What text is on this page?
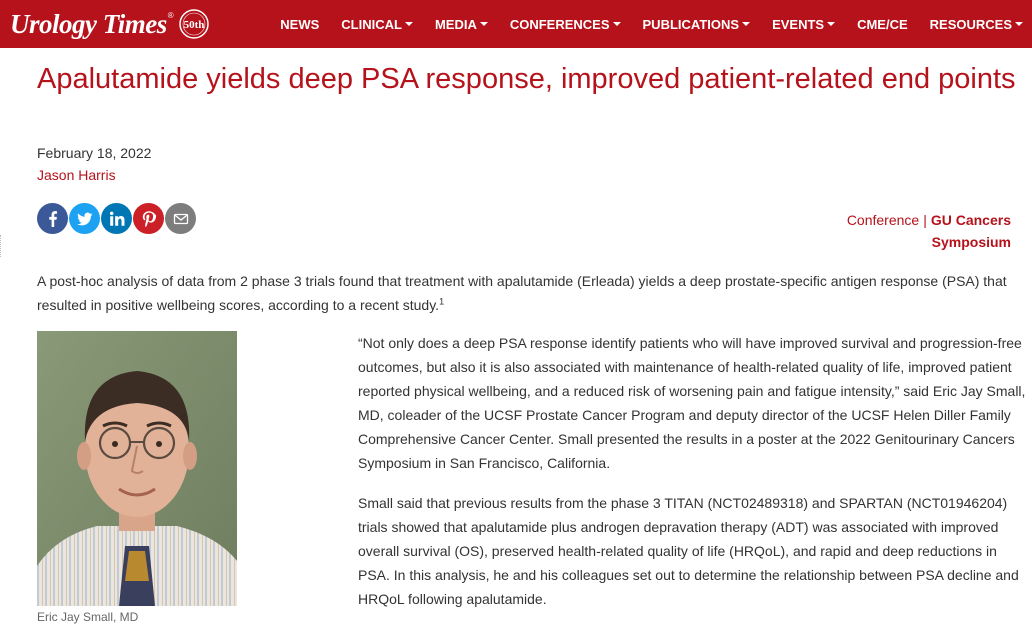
Urology Times ®
50th	NEWS CLINICAL	MEDIA	CONFERENCES	PUBLICATIONS	EVENTS	CME/CE RESOURCES
Apalutamide yields deep PSA response, improved patient-related end points
February 18, 2022
Jason Harris
Conference | GU Cancers Symposium

A post-hoc analysis of data from 2 phase 3 trials found that treatment with apalutamide (Erleada) yields a deep prostate-specific antigen response (PSA) that resulted in positive wellbeing scores, according to a recent study.$^1$

Eric Jay Small, MD

“Not only does a deep PSA response identify patients who will have improved survival and progression-free outcomes, but also it is also associated with maintenance of health-related quality of life, improved patient reported physical wellbeing, and a reduced risk of worsening pain and fatigue intensity,” said Eric Jay Small, MD, coleader of the UCSF Prostate Cancer Program and deputy director of the UCSF Helen Diller Family Comprehensive Cancer Center. Small presented the results in a poster at the 2022 Genitourinary Cancers Symposium in San Francisco, California.

Small said that previous results from the phase 3 TITAN (NCT02489318) and SPARTAN (NCT01946204) trials showed that apalutamide plus androgen depravation therapy (ADT) was associated with improved overall survival (OS), preserved health-related quality of life (HRQoL), and rapid and deep reductions in PSA. In this analysis, he and his colleagues set out to determine the relationship between PSA decline and HRQoL following apalutamide.
